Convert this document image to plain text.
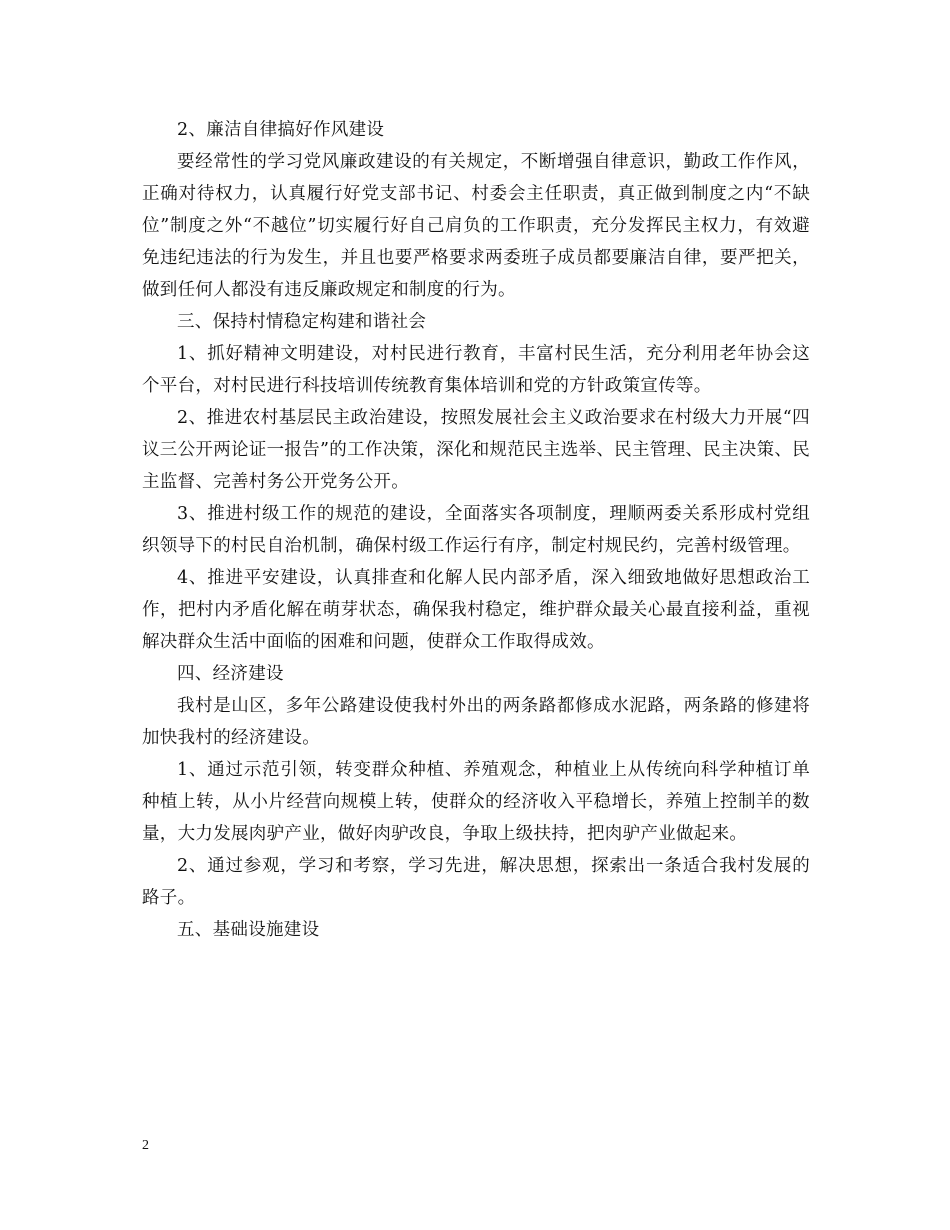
2、廉洁自律搞好作风建设

要经常性的学习党风廉政建设的有关规定，不断增强自律意识，勤政工作作风，正确对待权力，认真履行好党支部书记、村委会主任职责，真正做到制度之内“不缺位”制度之外“不越位”切实履行好自己肩负的工作职责，充分发挥民主权力，有效避免违纪违法的行为发生，并且也要严格要求两委班子成员都要廉洁自律，要严把关，做到任何人都没有违反廉政规定和制度的行为。

三、保持村情稳定构建和谐社会

1、抓好精神文明建设，对村民进行教育，丰富村民生活，充分利用老年协会这个平台，对村民进行科技培训传统教育集体培训和党的方针政策宣传等。

2、推进农村基层民主政治建设，按照发展社会主义政治要求在村级大力开展“四议三公开两论证一报告”的工作决策，深化和规范民主选举、民主管理、民主决策、民主监督、完善村务公开党务公开。

3、推进村级工作的规范的建设，全面落实各项制度，理顺两委关系形成村党组织领导下的村民自治机制，确保村级工作运行有序，制定村规民约，完善村级管理。

4、推进平安建设，认真排查和化解人民内部矛盾，深入细致地做好思想政治工作，把村内矛盾化解在萌芽状态，确保我村稳定，维护群众最关心最直接利益，重视解决群众生活中面临的困难和问题，使群众工作取得成效。

四、经济建设

我村是山区，多年公路建设使我村外出的两条路都修成水泥路，两条路的修建将加快我村的经济建设。

1、通过示范引领，转变群众种植、养殖观念，种植业上从传统向科学种植订单种植上转，从小片经营向规模上转，使群众的经济收入平稳增长，养殖上控制羊的数量，大力发展肉驴产业，做好肉驴改良，争取上级扶持，把肉驴产业做起来。

2、通过参观，学习和考察，学习先进，解决思想，探索出一条适合我村发展的路子。

五、基础设施建设

2
